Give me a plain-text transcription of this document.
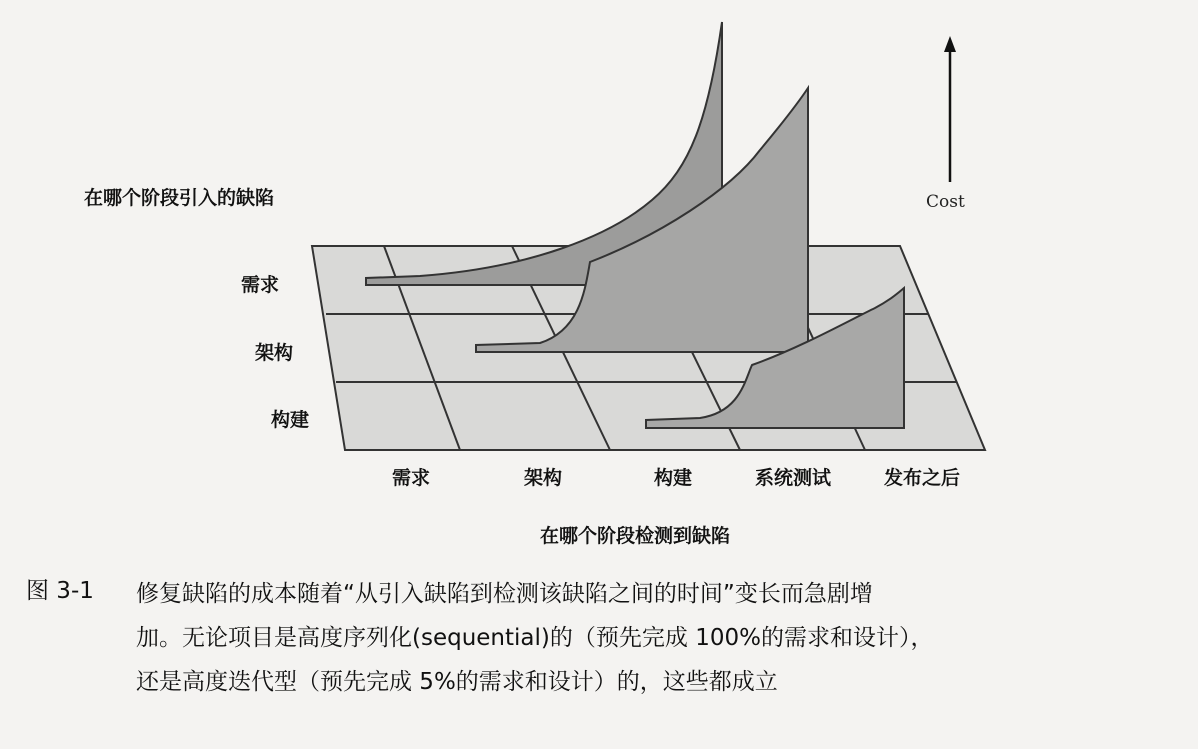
在哪个阶段引入的缺陷
需求
架构
构建
需求	架构	构建	系统测试	发布之后
在哪个阶段检测到缺陷
Cost
图 3-1 修复缺陷的成本随着“从引入缺陷到检测该缺陷之间的时间”变长而急剧增
加。无论项目是高度序列化(sequential)的（预先完成 100%的需求和设计），
还是高度迭代型（预先完成 5%的需求和设计）的，这些都成立
